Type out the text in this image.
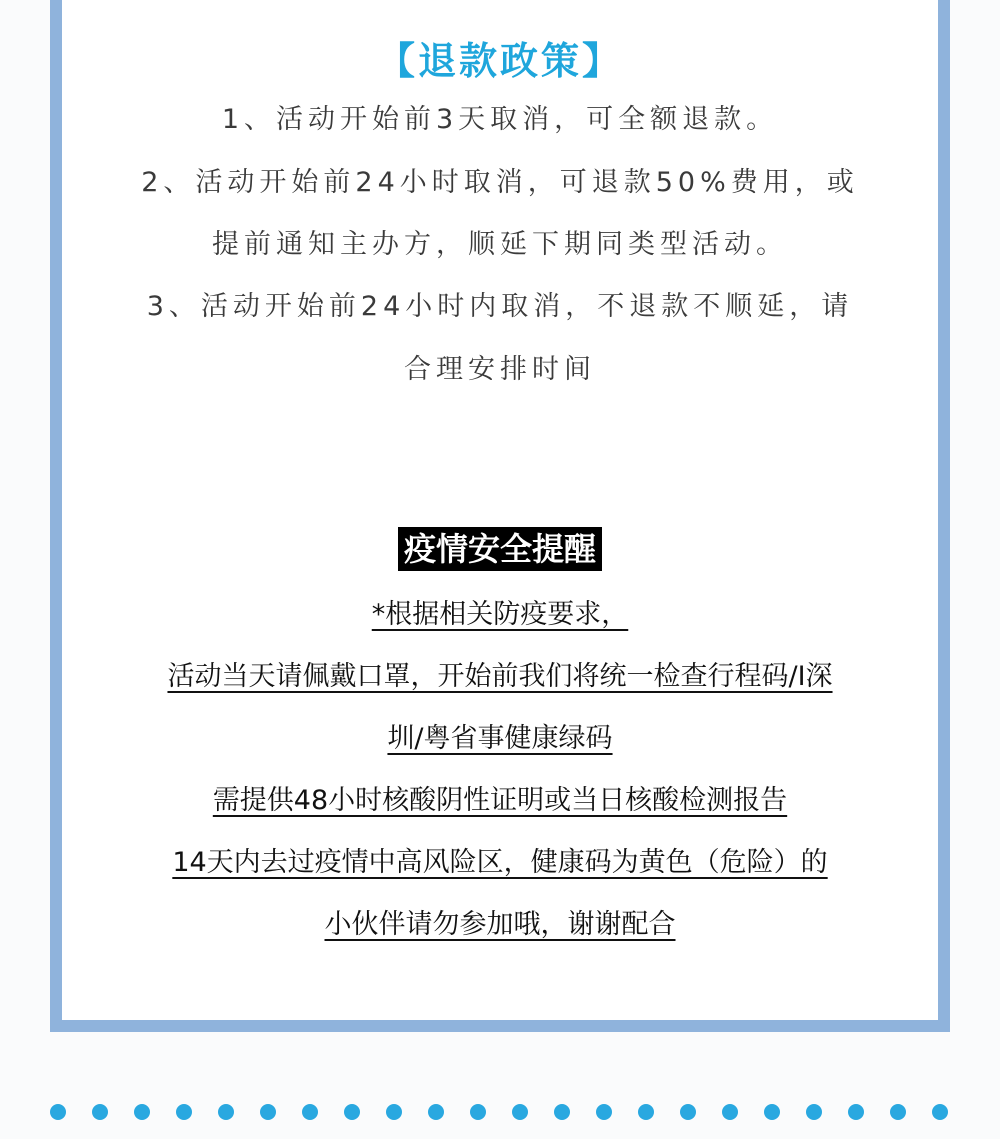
【退款政策】
1、活动开始前3天取消，可全额退款。
2、活动开始前24小时取消，可退款50%费用，或
提前通知主办方，顺延下期同类型活动。
3、活动开始前24小时内取消，不退款不顺延，请
合理安排时间
疫情安全提醒
*根据相关防疫要求，
活动当天请佩戴口罩，开始前我们将统一检查行程码/I深
圳/粤省事健康绿码
需提供48小时核酸阴性证明或当日核酸检测报告
14天内去过疫情中高风险区，健康码为黄色（危险）的
小伙伴请勿参加哦，谢谢配合
